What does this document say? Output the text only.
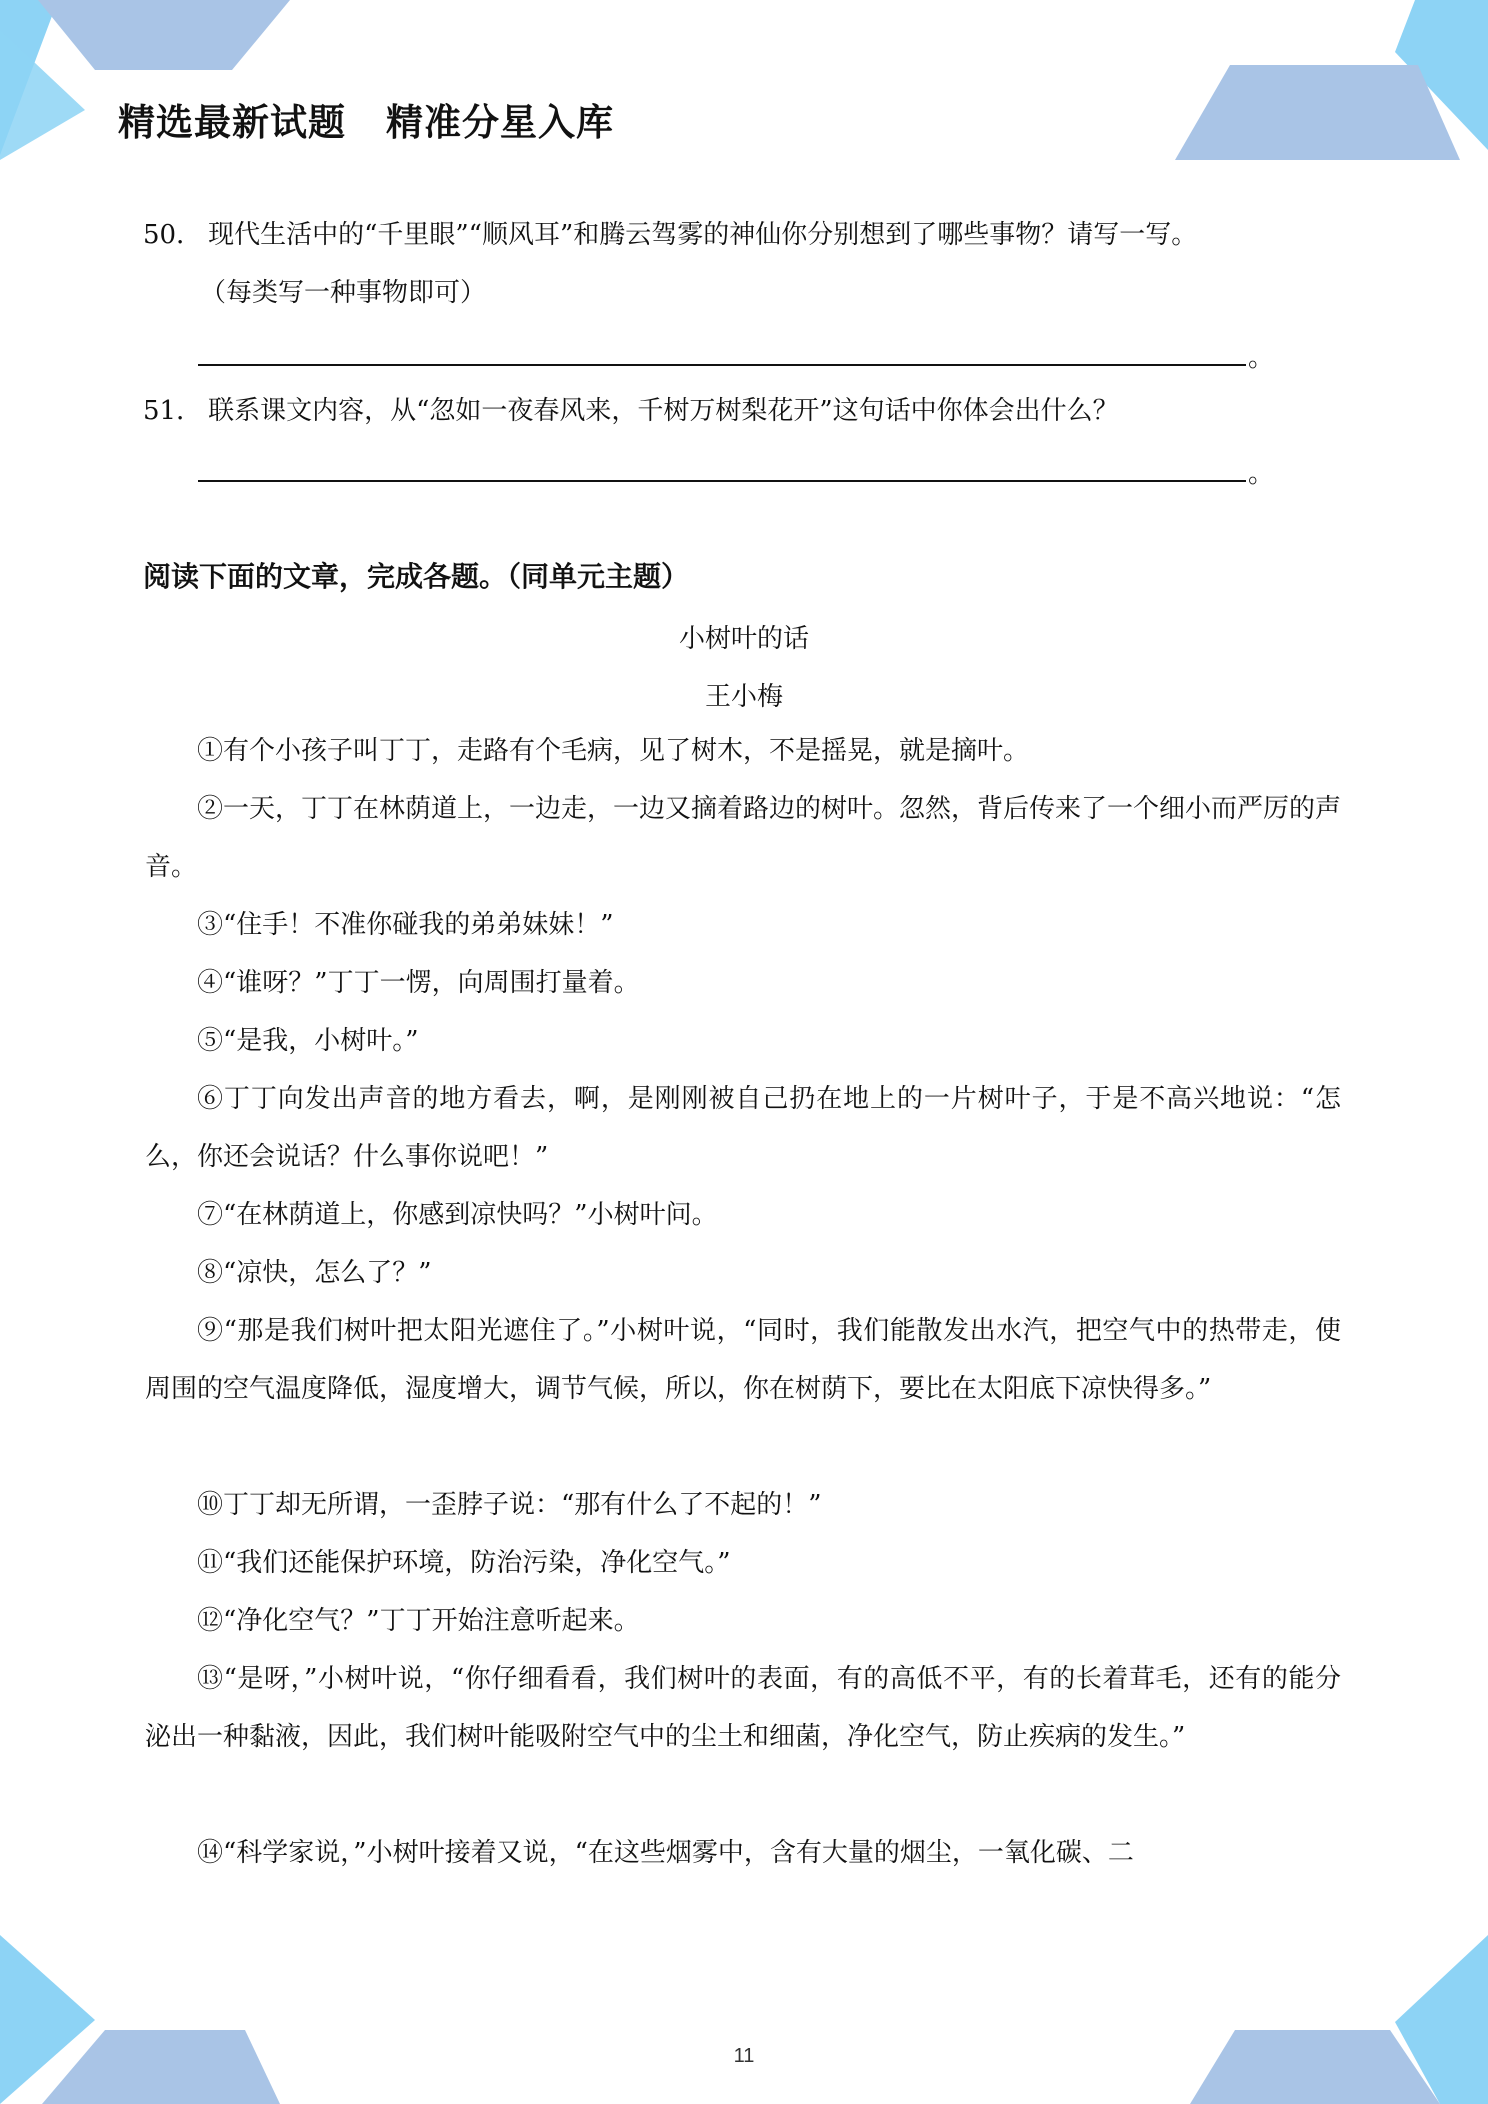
精选最新试题 精准分星入库
50． 现代生活中的“千里眼”“顺风耳”和腾云驾雾的神仙你分别想到了哪些事物？请写一写。
（每类写一种事物即可）
。
51． 联系课文内容，从“忽如一夜春风来，千树万树梨花开”这句话中你体会出什么？
。
阅读下面的文章，完成各题。（同单元主题）
小树叶的话
王小梅

①有个小孩子叫丁丁，走路有个毛病，见了树木，不是摇晃，就是摘叶。

②一天，丁丁在林荫道上，一边走，一边又摘着路边的树叶。忽然，背后传来了一个细小而严厉的声音。

③“住手！不准你碰我的弟弟妹妹！”

④“谁呀？”丁丁一愣，向周围打量着。

⑤“是我，小树叶。”

⑥丁丁向发出声音的地方看去，啊，是刚刚被自己扔在地上的一片树叶子，于是不高兴地说：“怎么，你还会说话？什么事你说吧！”

⑦“在林荫道上，你感到凉快吗？”小树叶问。

⑧“凉快，怎么了？”

⑨“那是我们树叶把太阳光遮住了。”小树叶说，“同时，我们能散发出水汽，把空气中的热带走，使周围的空气温度降低，湿度增大，调节气候，所以，你在树荫下，要比在太阳底下凉快得多。”

⑩丁丁却无所谓，一歪脖子说：“那有什么了不起的！”

⑪“我们还能保护环境，防治污染，净化空气。”

⑫“净化空气？”丁丁开始注意听起来。

⑬“是呀，”小树叶说，“你仔细看看，我们树叶的表面，有的高低不平，有的长着茸毛，还有的能分泌出一种黏液，因此，我们树叶能吸附空气中的尘土和细菌，净化空气，防止疾病的发生。”

⑭“科学家说，”小树叶接着又说，“在这些烟雾中，含有大量的烟尘，一氧化碳、二

11
